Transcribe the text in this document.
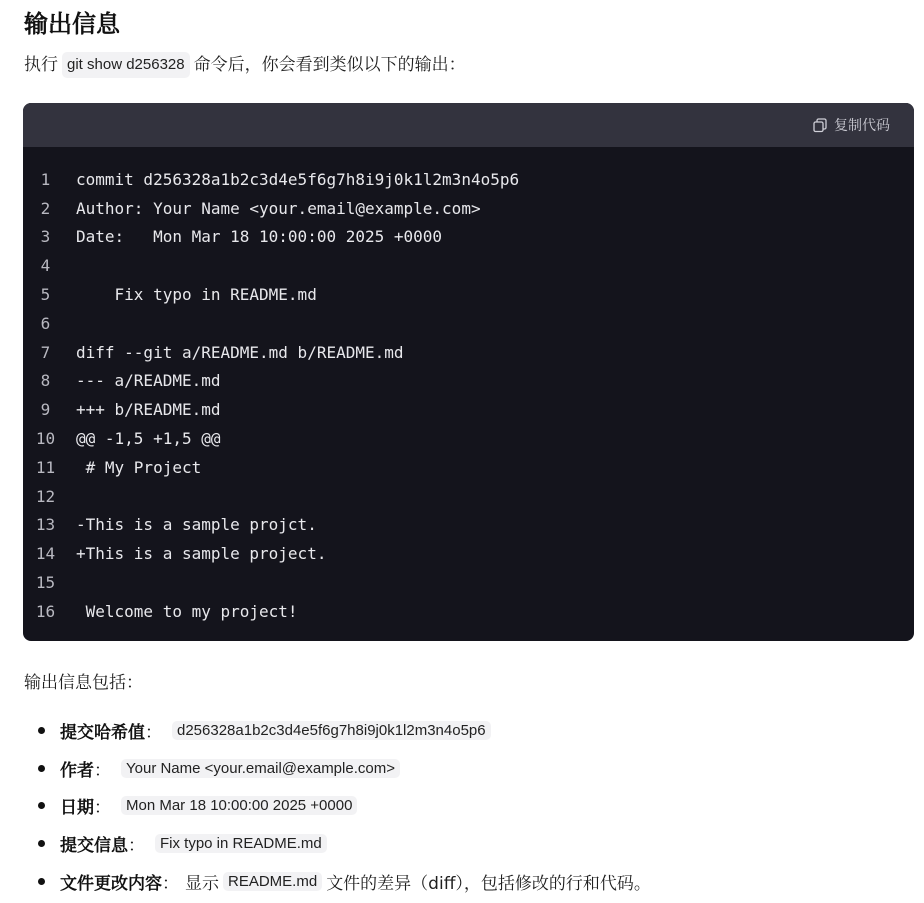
输出信息

执行 git show d256328 命令后，你会看到类似以下的输出：

复制代码
1	commit d256328a1b2c3d4e5f6g7h8i9j0k1l2m3n4o5p6
2	Author: Your Name <your.email@example.com>
3	Date:   Mon Mar 18 10:00:00 2025 +0000
4
5	Fix typo in README.md
6
7	diff --git a/README.md b/README.md
8	--- a/README.md
9	+++ b/README.md
10	@@ -1,5 +1,5 @@
11	# My Project
12
13	-This is a sample projct.
14	+This is a sample project.
15
16	Welcome to my project!

输出信息包括：

提交哈希值 ：	d256328a1b2c3d4e5f6g7h8i9j0k1l2m3n4o5p6
作者 ：	Your Name <your.email@example.com>
日期 ：	Mon Mar 18 10:00:00 2025 +0000
提交信息 ：	Fix typo in README.md
文件更改内容 ： 显示 README.md 文件的差异（diff），包括修改的行和代码。
